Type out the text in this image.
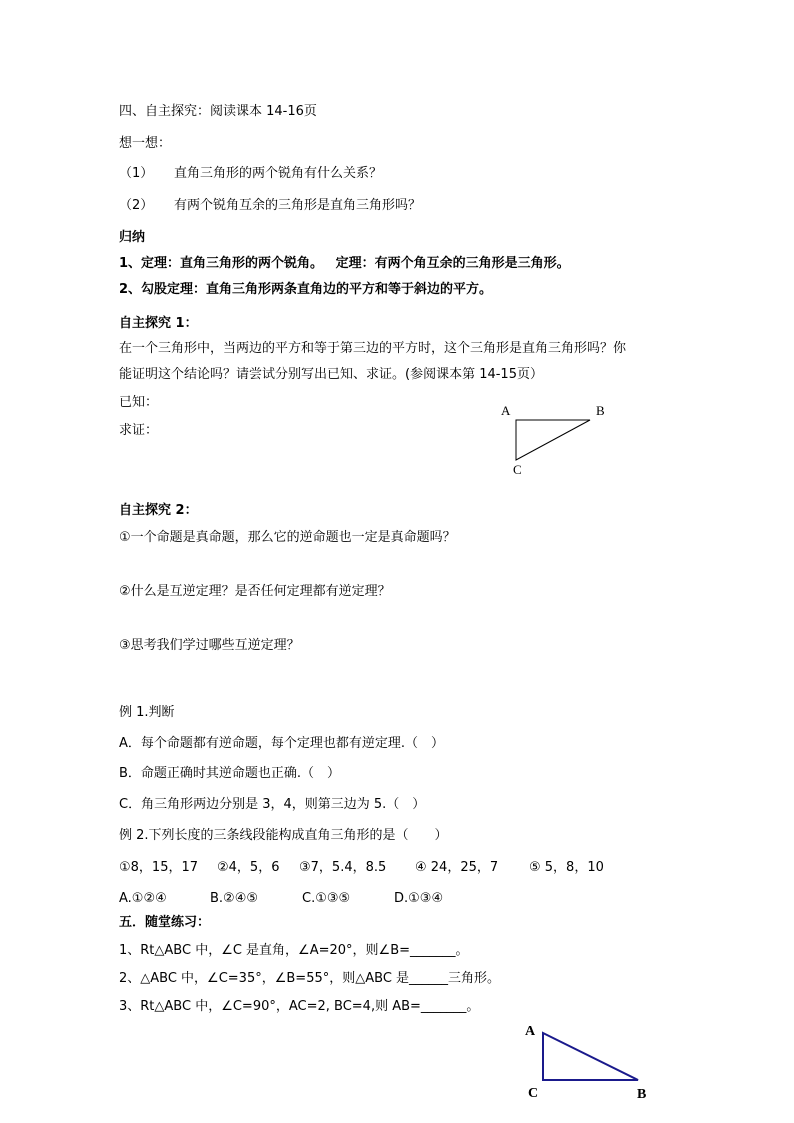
四、自主探究：阅读课本 14-16页
想一想：
（1） 直角三角形的两个锐角有什么关系？
（2） 有两个锐角互余的三角形是直角三角形吗？
归纳
1、定理：直角三角形的两个锐角。 定理：有两个角互余的三角形是三角形。
2、勾股定理：直角三角形两条直角边的平方和等于斜边的平方。
自主探究 1：
在一个三角形中，当两边的平方和等于第三边的平方时，这个三角形是直角三角形吗？你
能证明这个结论吗？请尝试分别写出已知、求证。(参阅课本第 14-15页）
已知：
求证：
A	B
C
自主探究 2：
①一个命题是真命题，那么它的逆命题也一定是真命题吗？
②什么是互逆定理？是否任何定理都有逆定理？
③思考我们学过哪些互逆定理？
例 1.判断
A．每个命题都有逆命题，每个定理也都有逆定理.（　）
B．命题正确时其逆命题也正确.（　）
C．角三角形两边分别是 3，4，则第三边为 5.（　）
例 2.下列长度的三条线段能构成直角三角形的是（　　）
①8，15，17 ②4，5，6 ③7，5.4，8.5 ④ 24，25，7 ⑤ 5，8，10
A.①②④	B.②④⑤	C.①③⑤	D.①③④
五．随堂练习：
1、Rt△ABC 中，∠C 是直角，∠A=20°，则∠B=_______。
2、△ABC 中，∠C=35°，∠B=55°，则△ABC 是______三角形。
3、Rt△ABC 中，∠C=90°，AC=2, BC=4,则 AB=_______。
A
B
C
